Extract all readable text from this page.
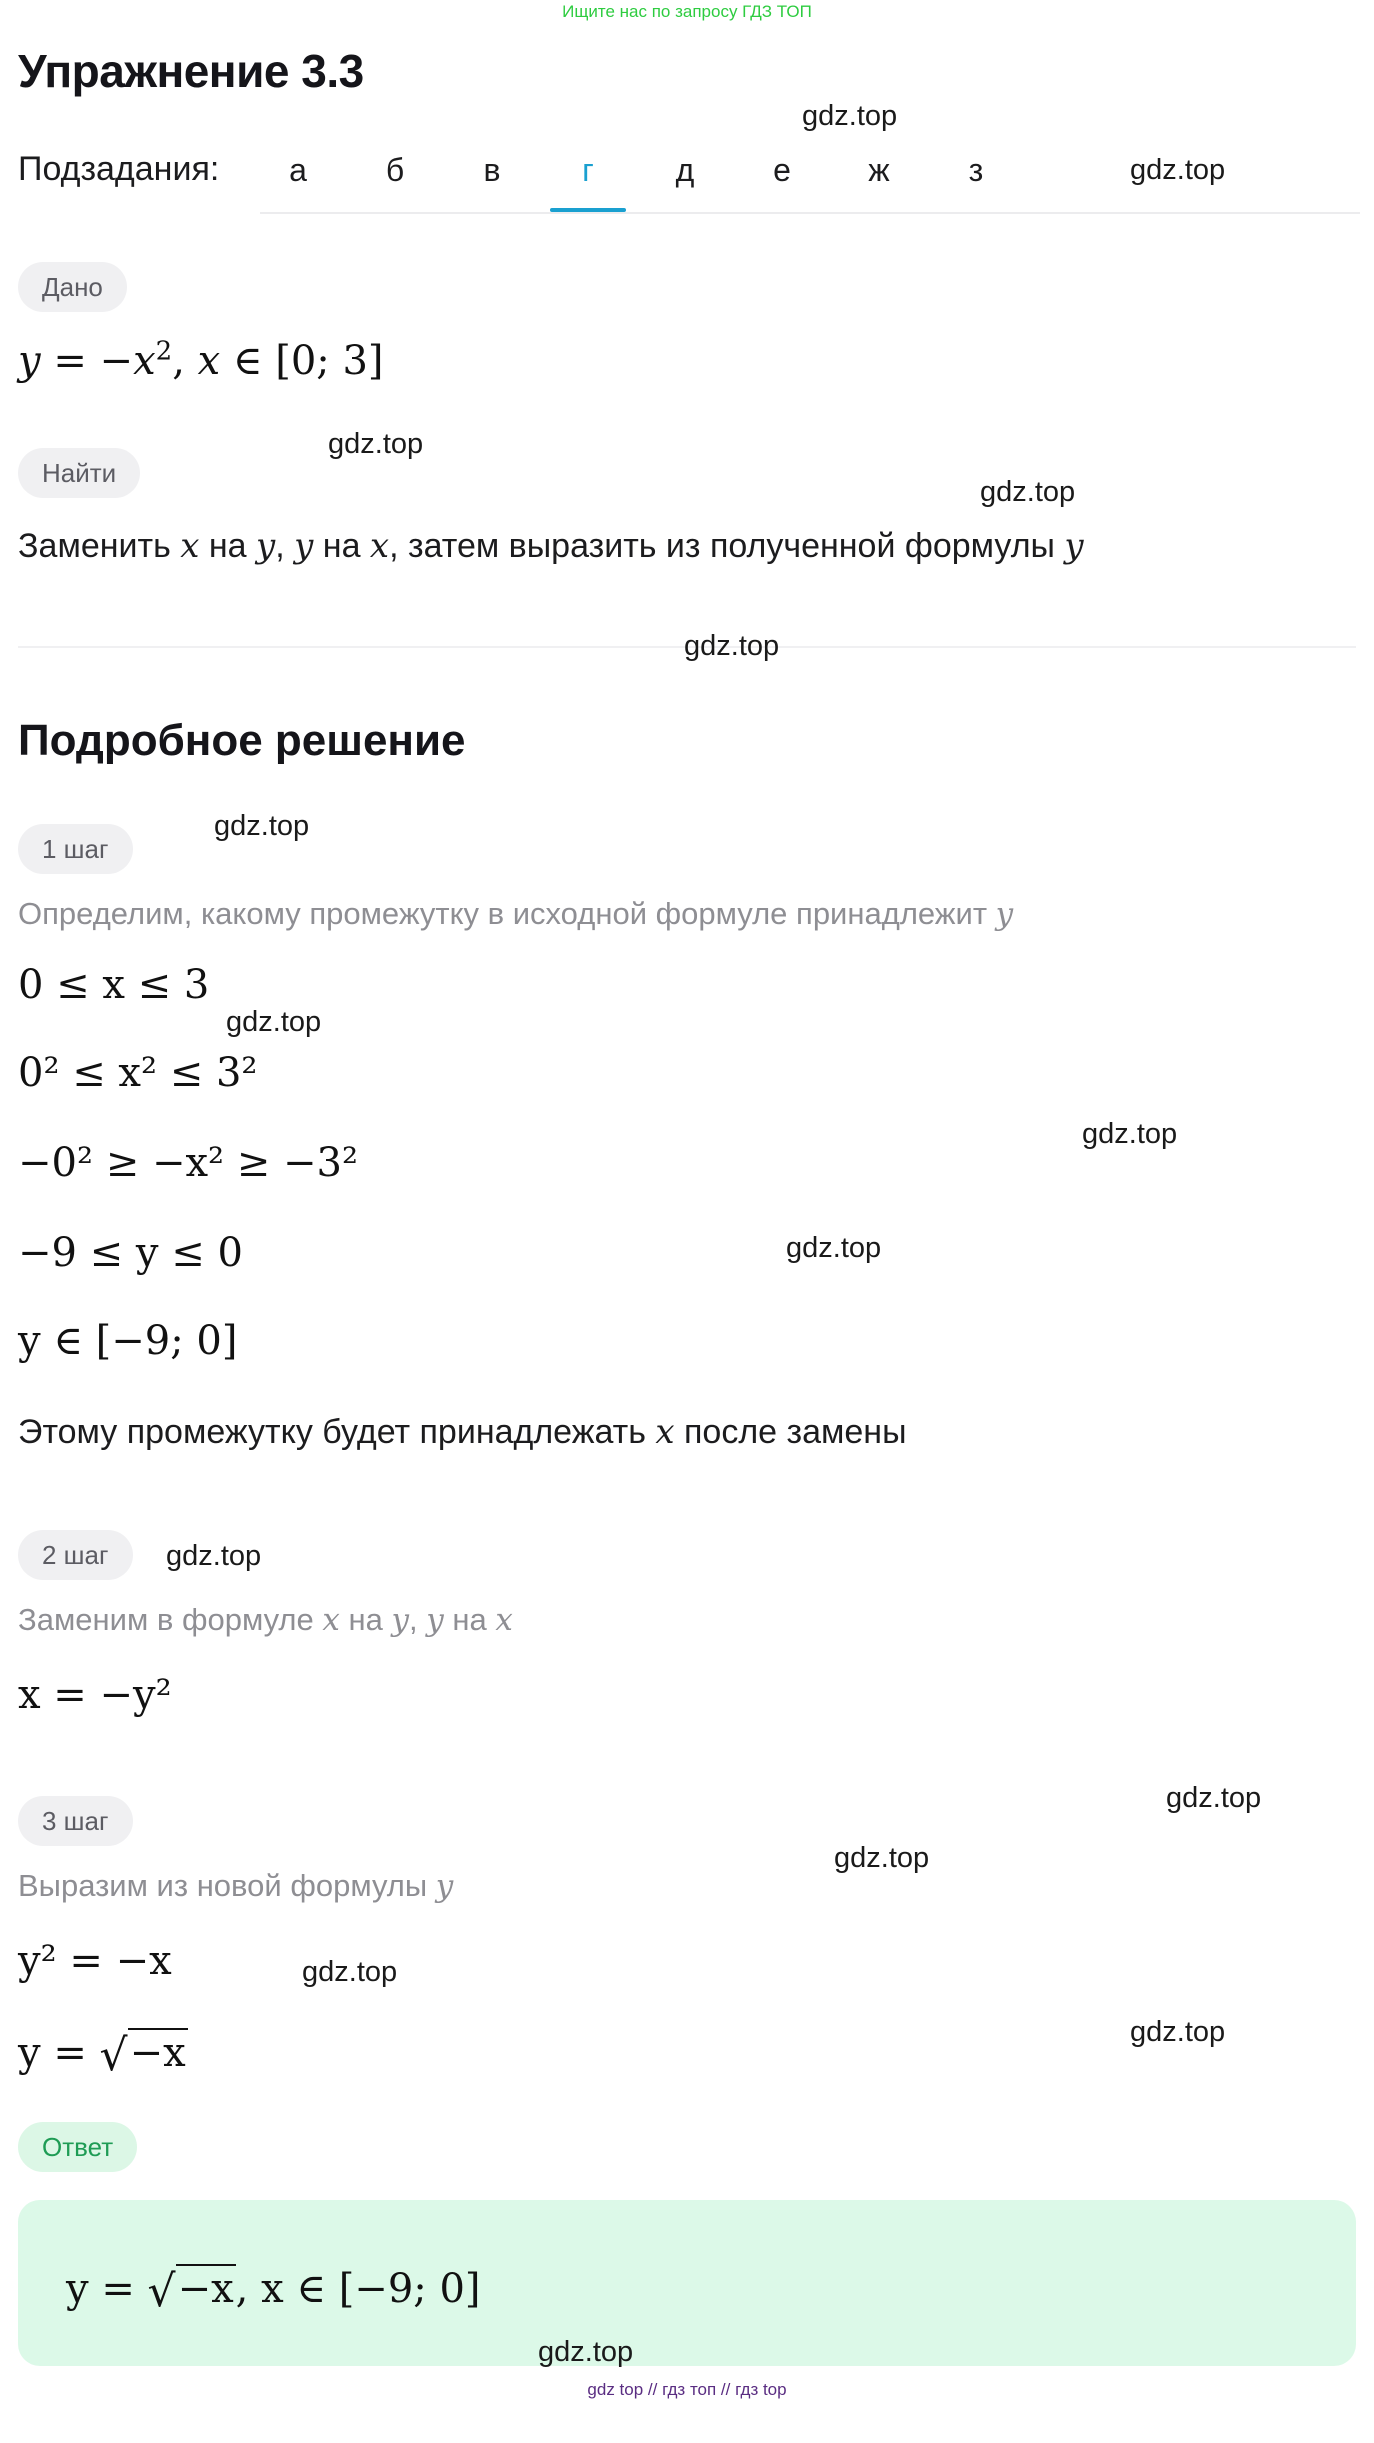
Ищите нас по запросу ГДЗ ТОП
Упражнение 3.3
Подзадания:	а	б	в	г	д	е	ж	з
Дано
$y = -x^2$, x ∈ [0; 3]
Найти
Заменить x на y, y на x, затем выразить из полученной формулы y
Подробное решение
1 шаг
Определим, какому промежутку в исходной формуле принадлежит y
0 ≤ x ≤ 3
0² ≤ x² ≤ 3²
−0² ≥ −x² ≥ −3²
−9 ≤ y ≤ 0
y ∈ [−9; 0]
Этому промежутку будет принадлежать x после замены
2 шаг
Заменим в формуле x на y, y на x
x = −y²
3 шаг
Выразим из новой формулы y
y² = −x
y = √−x
Ответ
y = √−x, x ∈ [−9; 0]
gdz.top
gdz.top
gdz.top
gdz.top
gdz.top
gdz.top
gdz.top
gdz.top
gdz.top
gdz.top
gdz.top
gdz.top
gdz.top
gdz.top
gdz.top
gdz top // гдз топ // гдз top
